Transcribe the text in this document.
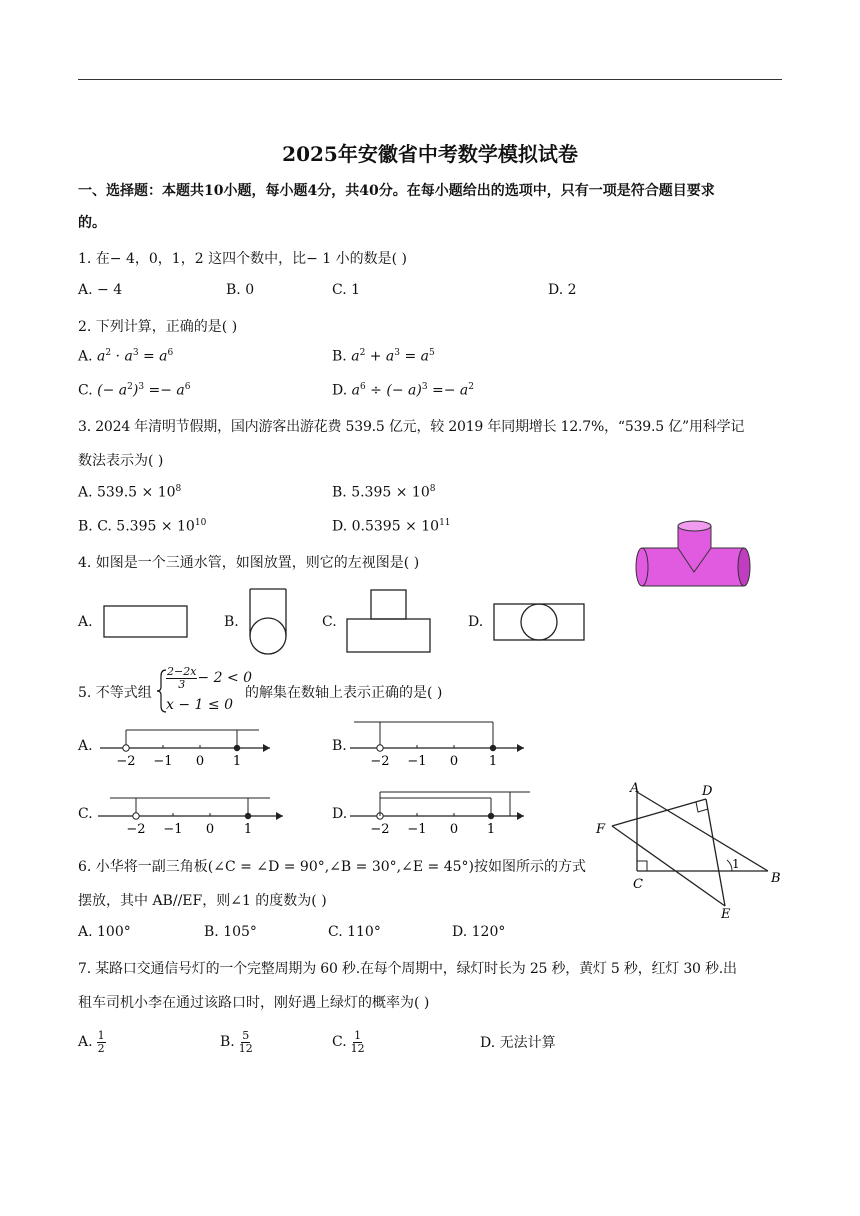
2025年安徽省中考数学模拟试卷
一、选择题：本题共10小题，每小题4分，共40分。在每小题给出的选项中，只有一项是符合题目要求
的。
1. 在− 4，0，1，2 这四个数中，比− 1 小的数是( )
A. − 4	B. 0	C. 1	D. 2
2. 下列计算，正确的是( )
A. $a^2 \cdot a^3 = a^6$	B. $a^2 + a^3 = a^5$
C. (− $a^2)^3 =- a^6$	D. $a^6$ ÷ (− $a)^3 =- a^2$
3. 2024 年清明节假期，国内游客出游花费 539.5 亿元，较 2019 年同期增长 12.7%，“539.5 亿”用科学记
数法表示为( )
A. $539.5 \times 10^8$	B. $5.395 \times 10^8$
B. C. $5.395 \times 10^{10}$	D. $0.5395 \times 10^{11}$
4. 如图是一个三通水管，如图放置，则它的左视图是( )
A.	B.	C.	D.
5. 不等式组
$\frac{2-2x}{3} - 2 < 0$
x − 1 ≤ 0
的解集在数轴上表示正确的是( )
A.
−2 −1 0 1
B.
−2 −1 0 1
C.
−2 −1 0 1
D.
−2 −1 0 1
A	D
F
C	B
E
1
6. 小华将一副三角板(∠C = ∠D = 90°,∠B = 30°,∠E = 45°)按如图所示的方式
摆放，其中 AB//EF，则∠1 的度数为( )
A. 100°	B. 105°	C. 110°	D. 120°
7. 某路口交通信号灯的一个完整周期为 60 秒.在每个周期中，绿灯时长为 25 秒，黄灯 5 秒，红灯 30 秒.出
租车司机小李在通过该路口时，刚好遇上绿灯的概率为( )
A. $\frac{1}{2}$	B. $\frac{5}{12}$	C. $\frac{1}{12}$	D. 无法计算
